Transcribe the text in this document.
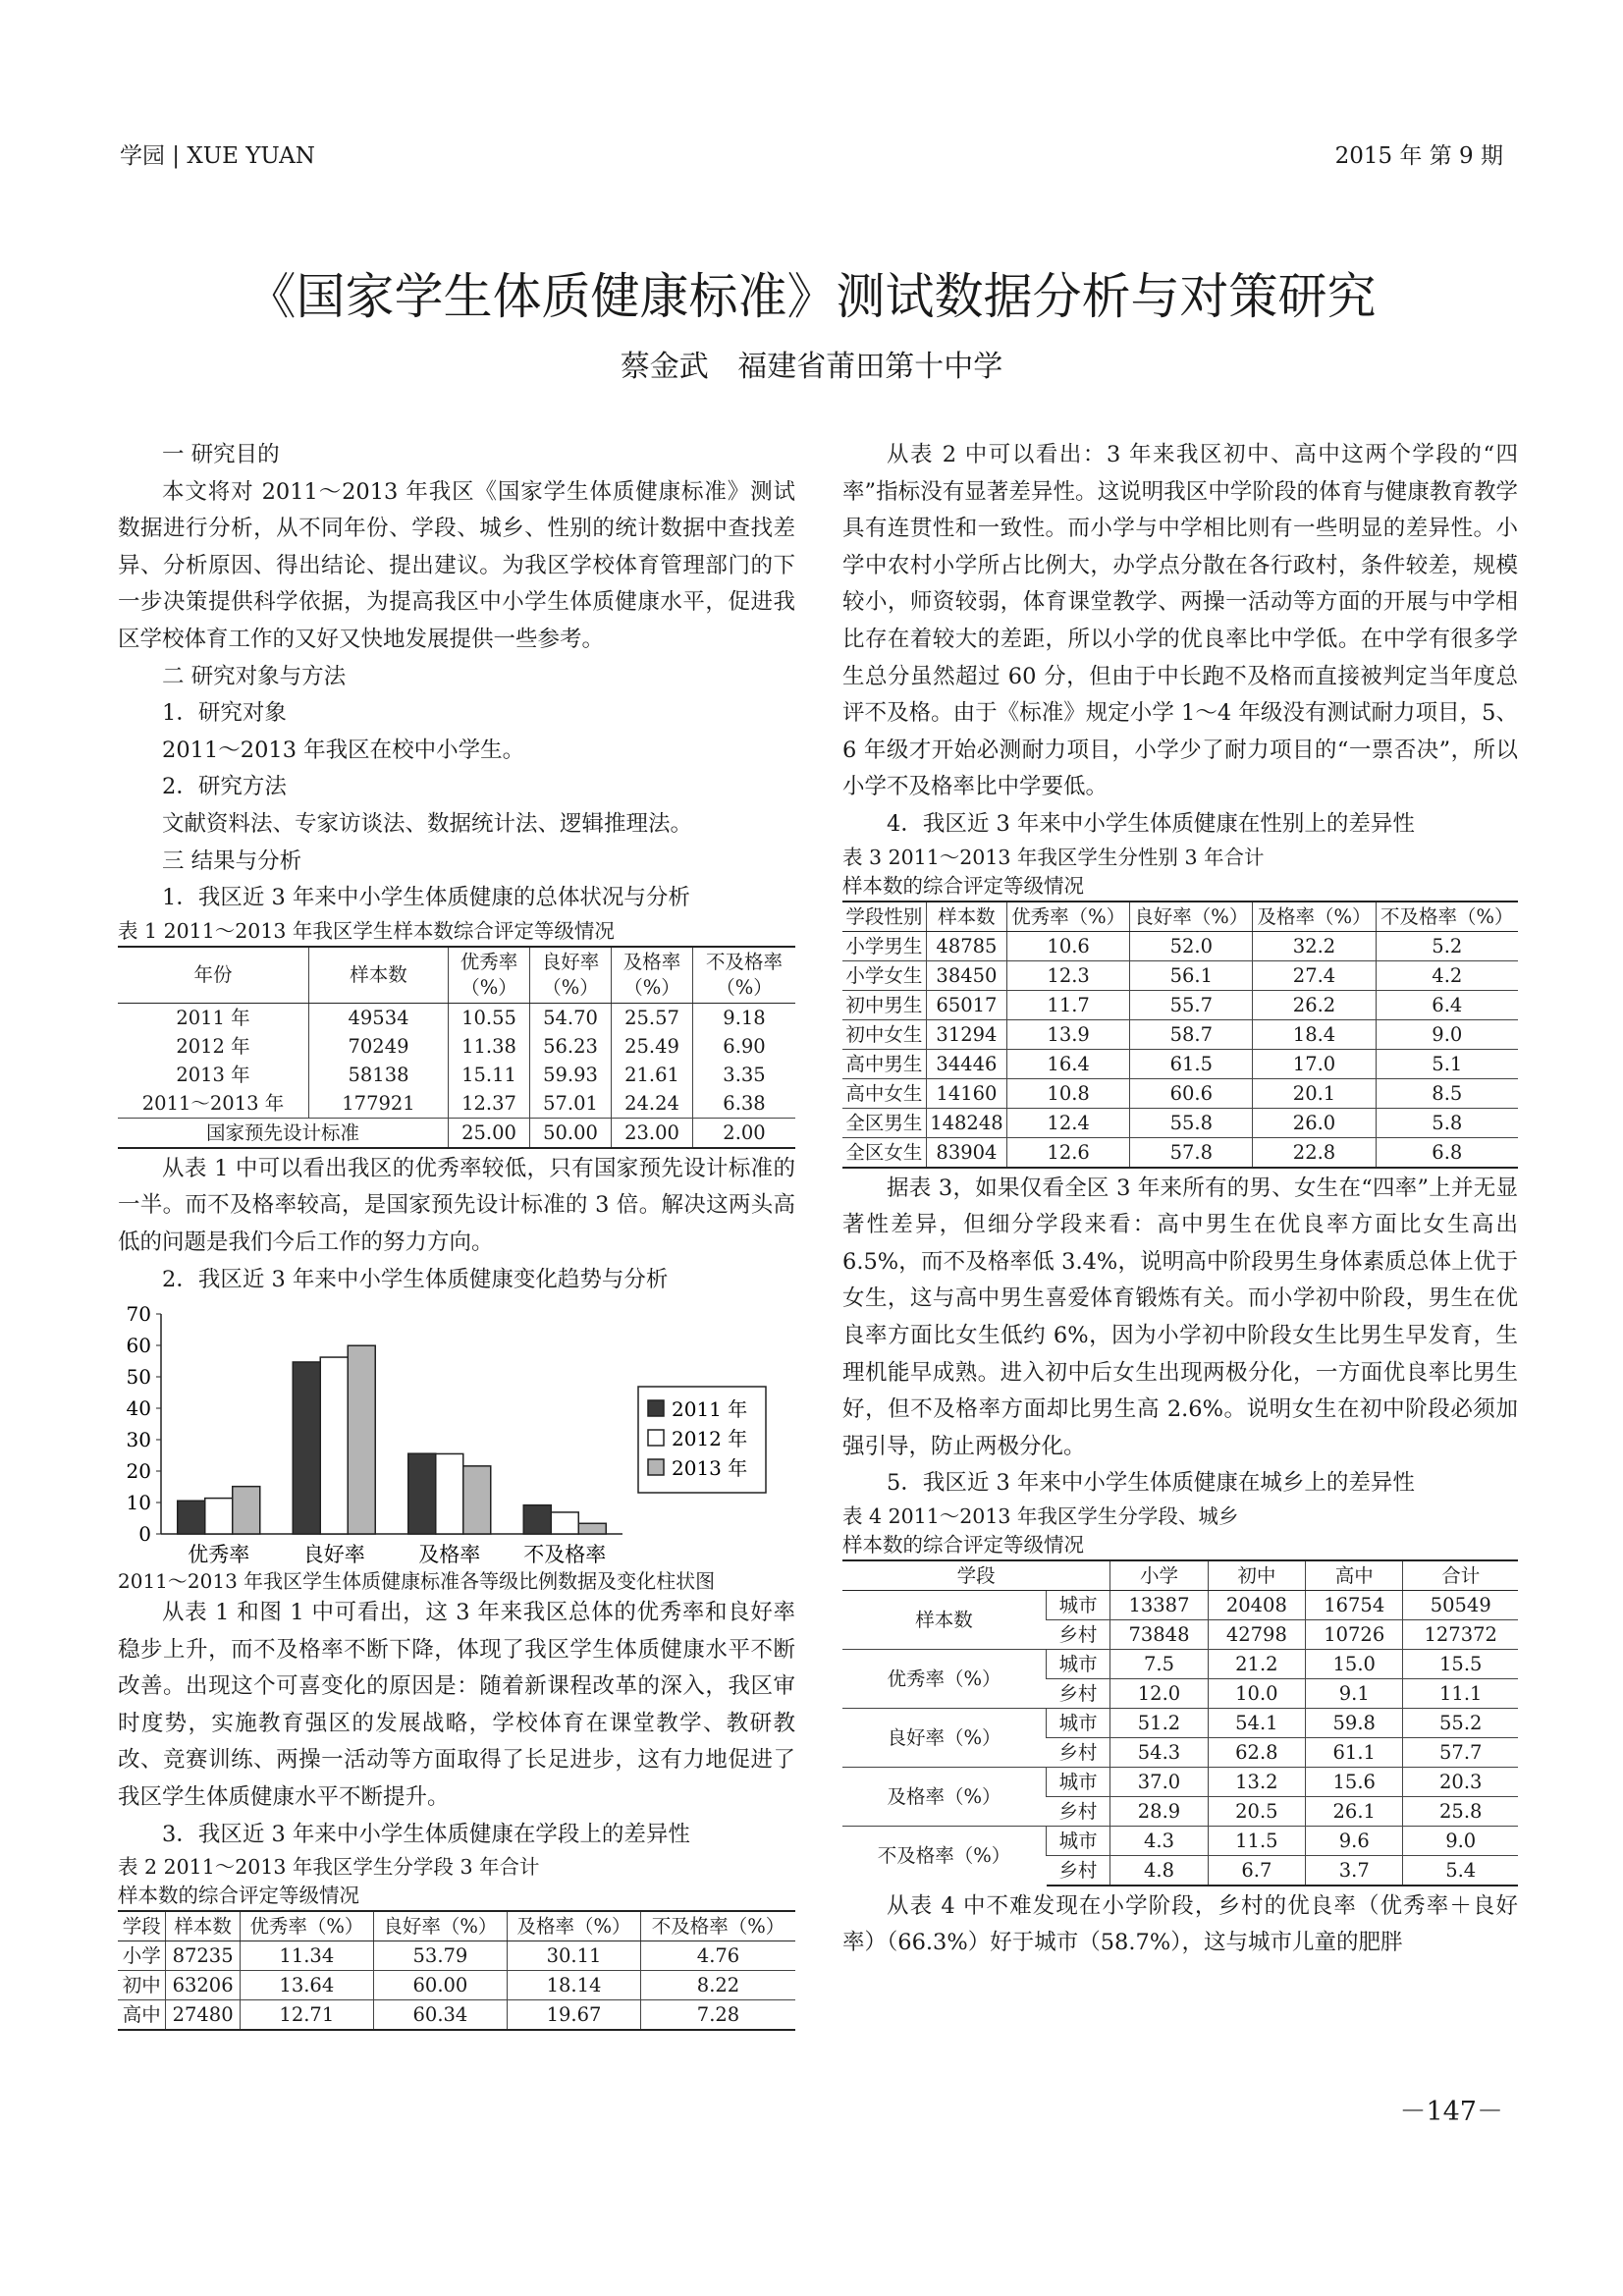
学园 | XUE YUAN	2015 年 第 9 期
《国家学生体质健康标准》测试数据分析与对策研究
蔡金武 福建省莆田第十中学

一 研究目的

本文将对 2011～2013 年我区《国家学生体质健康标准》测试数据进行分析，从不同年份、学段、城乡、性别的统计数据中查找差异、分析原因、得出结论、提出建议。为我区学校体育管理部门的下一步决策提供科学依据，为提高我区中小学生体质健康水平，促进我区学校体育工作的又好又快地发展提供一些参考。

二 研究对象与方法

1．研究对象

2011～2013 年我区在校中小学生。

2．研究方法

文献资料法、专家访谈法、数据统计法、逻辑推理法。

三 结果与分析

1．我区近 3 年来中小学生体质健康的总体状况与分析

表 1 2011～2013 年我区学生样本数综合评定等级情况

年份	样本数	优秀率（%）	良好率（%）	及格率（%）	不及格率（%）
2011 年	49534	10.55	54.70	25.57	9.18
2012 年	70249	11.38	56.23	25.49	6.90
2013 年	58138	15.11	59.93	21.61	3.35
2011～2013 年	177921	12.37	57.01	24.24	6.38
国家预先设计标准		25.00	50.00	23.00	2.00

从表 1 中可以看出我区的优秀率较低，只有国家预先设计标准的一半。而不及格率较高，是国家预先设计标准的 3 倍。解决这两头高低的问题是我们今后工作的努力方向。

2．我区近 3 年来中小学生体质健康变化趋势与分析

0
10
20
30
40
50
60
70
优秀率	良好率	及格率 不及格率
2011 年
2012 年
2013 年

2011～2013 年我区学生体质健康标准各等级比例数据及变化柱状图

从表 1 和图 1 中可看出，这 3 年来我区总体的优秀率和良好率稳步上升，而不及格率不断下降，体现了我区学生体质健康水平不断改善。出现这个可喜变化的原因是：随着新课程改革的深入，我区审时度势，实施教育强区的发展战略，学校体育在课堂教学、教研教改、竞赛训练、两操一活动等方面取得了长足进步，这有力地促进了我区学生体质健康水平不断提升。

3．我区近 3 年来中小学生体质健康在学段上的差异性

表 2 2011～2013 年我区学生分学段 3 年合计

样本数的综合评定等级情况

学段	样本数	优秀率（%）	良好率（%）	及格率（%）	不及格率（%）
小学	87235	11.34	53.79	30.11	4.76
初中	63206	13.64	60.00	18.14	8.22
高中	27480	12.71	60.34	19.67	7.28

从表 2 中可以看出：3 年来我区初中、高中这两个学段的“四率”指标没有显著差异性。这说明我区中学阶段的体育与健康教育教学具有连贯性和一致性。而小学与中学相比则有一些明显的差异性。小学中农村小学所占比例大，办学点分散在各行政村，条件较差，规模较小，师资较弱，体育课堂教学、两操一活动等方面的开展与中学相比存在着较大的差距，所以小学的优良率比中学低。在中学有很多学生总分虽然超过 60 分，但由于中长跑不及格而直接被判定当年度总评不及格。由于《标准》规定小学 1～4 年级没有测试耐力项目，5、6 年级才开始必测耐力项目，小学少了耐力项目的“一票否决”，所以小学不及格率比中学要低。

4．我区近 3 年来中小学生体质健康在性别上的差异性

表 3 2011～2013 年我区学生分性别 3 年合计

样本数的综合评定等级情况

学段性别	样本数	优秀率（%）	良好率（%）	及格率（%）	不及格率（%）
小学男生	48785	10.6	52.0	32.2	5.2
小学女生	38450	12.3	56.1	27.4	4.2
初中男生	65017	11.7	55.7	26.2	6.4
初中女生	31294	13.9	58.7	18.4	9.0
高中男生	34446	16.4	61.5	17.0	5.1
高中女生	14160	10.8	60.6	20.1	8.5
全区男生	148248	12.4	55.8	26.0	5.8
全区女生	83904	12.6	57.8	22.8	6.8

据表 3，如果仅看全区 3 年来所有的男、女生在“四率”上并无显著性差异，但细分学段来看：高中男生在优良率方面比女生高出 6.5%，而不及格率低 3.4%，说明高中阶段男生身体素质总体上优于女生，这与高中男生喜爱体育锻炼有关。而小学初中阶段，男生在优良率方面比女生低约 6%，因为小学初中阶段女生比男生早发育，生理机能早成熟。进入初中后女生出现两极分化，一方面优良率比男生好，但不及格率方面却比男生高 2.6%。说明女生在初中阶段必须加强引导，防止两极分化。

5．我区近 3 年来中小学生体质健康在城乡上的差异性

表 4 2011～2013 年我区学生分学段、城乡

样本数的综合评定等级情况

学段		小学	初中	高中	合计
样本数	城市	13387	20408	16754	50549
	乡村	73848	42798	10726	127372
优秀率（%）	城市	7.5	21.2	15.0	15.5
	乡村	12.0	10.0	9.1	11.1
良好率（%）	城市	51.2	54.1	59.8	55.2
	乡村	54.3	62.8	61.1	57.7
及格率（%）	城市	37.0	13.2	15.6	20.3
	乡村	28.9	20.5	26.1	25.8
不及格率（%）	城市	4.3	11.5	9.6	9.0
	乡村	4.8	6.7	3.7	5.4

从表 4 中不难发现在小学阶段，乡村的优良率（优秀率＋良好率）（66.3%）好于城市（58.7%），这与城市儿童的肥胖

－147－
